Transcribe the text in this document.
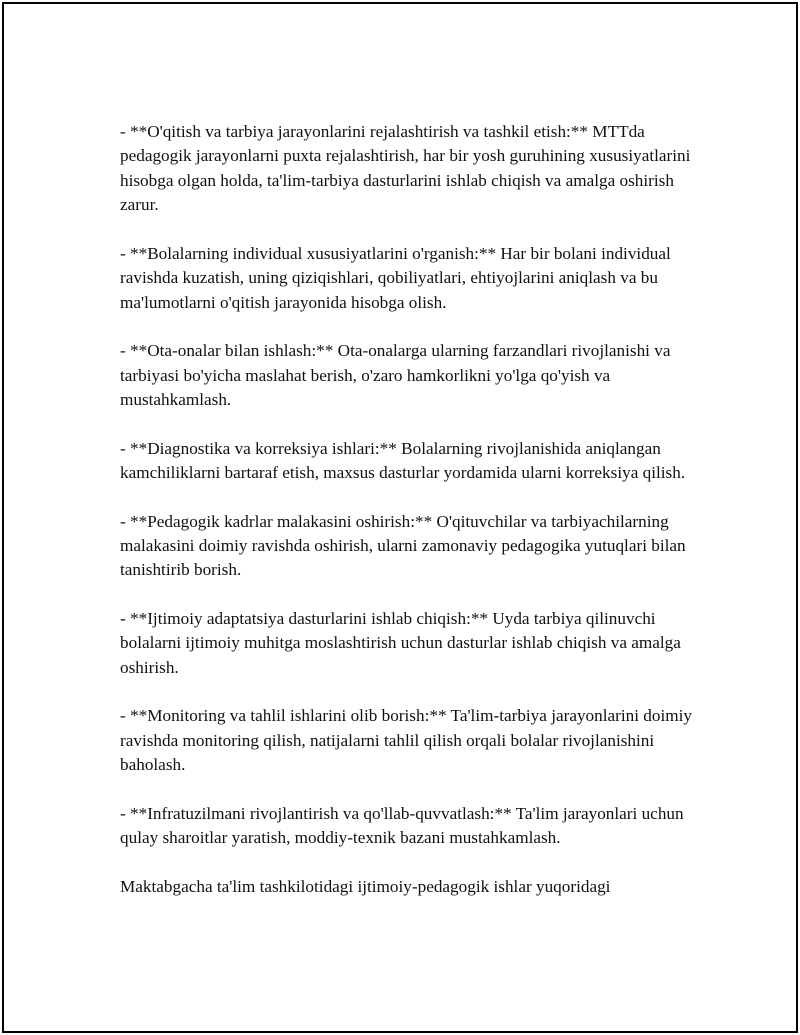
- **O'qitish va tarbiya jarayonlarini rejalashtirish va tashkil etish:** MTTda pedagogik jarayonlarni puxta rejalashtirish, har bir yosh guruhining xususiyatlarini hisobga olgan holda, ta'lim-tarbiya dasturlarini ishlab chiqish va amalga oshirish zarur.

- **Bolalarning individual xususiyatlarini o'rganish:** Har bir bolani individual ravishda kuzatish, uning qiziqishlari, qobiliyatlari, ehtiyojlarini aniqlash va bu ma'lumotlarni o'qitish jarayonida hisobga olish.

- **Ota-onalar bilan ishlash:** Ota-onalarga ularning farzandlari rivojlanishi va tarbiyasi bo'yicha maslahat berish, o'zaro hamkorlikni yo'lga qo'yish va mustahkamlash.

- **Diagnostika va korreksiya ishlari:** Bolalarning rivojlanishida aniqlangan kamchiliklarni bartaraf etish, maxsus dasturlar yordamida ularni korreksiya qilish.

- **Pedagogik kadrlar malakasini oshirish:** O'qituvchilar va tarbiyachilarning malakasini doimiy ravishda oshirish, ularni zamonaviy pedagogika yutuqlari bilan tanishtirib borish.

- **Ijtimoiy adaptatsiya dasturlarini ishlab chiqish:** Uyda tarbiya qilinuvchi bolalarni ijtimoiy muhitga moslashtirish uchun dasturlar ishlab chiqish va amalga oshirish.

- **Monitoring va tahlil ishlarini olib borish:** Ta'lim-tarbiya jarayonlarini doimiy ravishda monitoring qilish, natijalarni tahlil qilish orqali bolalar rivojlanishini baholash.

- **Infratuzilmani rivojlantirish va qo'llab-quvvatlash:** Ta'lim jarayonlari uchun qulay sharoitlar yaratish, moddiy-texnik bazani mustahkamlash.

Maktabgacha ta'lim tashkilotidagi ijtimoiy-pedagogik ishlar yuqoridagi
